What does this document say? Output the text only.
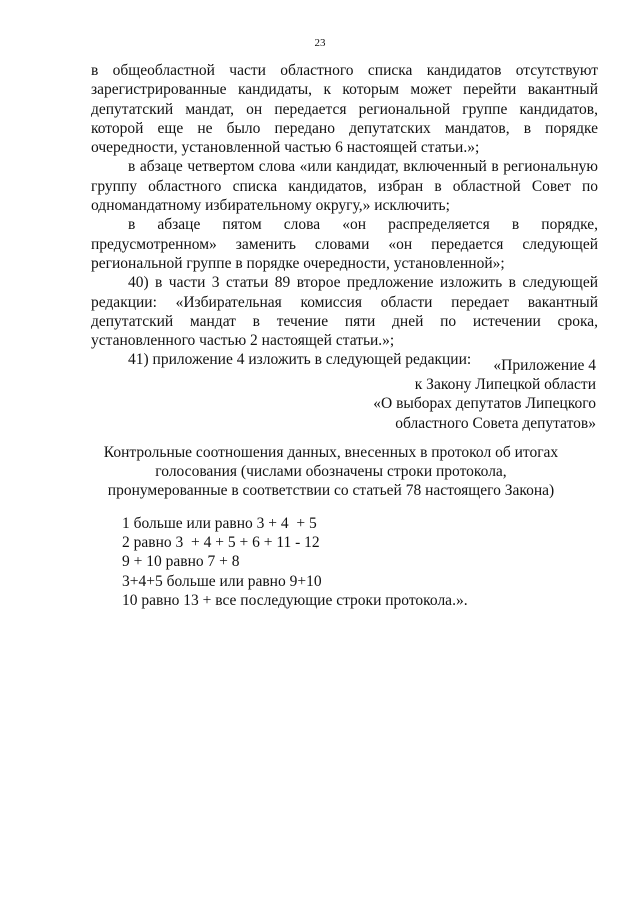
23

в общеобластной части областного списка кандидатов отсутствуют зарегистрированные кандидаты, к которым может перейти вакантный депутатский мандат, он передается региональной группе кандидатов, которой еще не было передано депутатских мандатов, в порядке очередности, установленной частью 6 настоящей статьи.»;

в абзаце четвертом слова «или кандидат, включенный в региональную группу областного списка кандидатов, избран в областной Совет по одномандатному избирательному округу,» исключить;

в абзаце пятом слова «он распределяется в порядке, предусмотренном» заменить словами «он передается следующей региональной группе в порядке очередности, установленной»;

40) в части 3 статьи 89 второе предложение изложить в следующей редакции: «Избирательная комиссия области передает вакантный депутатский мандат в течение пяти дней по истечении срока, установленного частью 2 настоящей статьи.»;

41) приложение 4 изложить в следующей редакции:	«Приложение 4
к Закону Липецкой области
«О выборах депутатов Липецкого
областного Совета депутатов»
Контрольные соотношения данных, внесенных в протокол об итогах голосования (числами обозначены строки протокола, пронумерованные в соответствии со статьей 78 настоящего Закона)
1 больше или равно 3 + 4  + 5
2 равно 3  + 4 + 5 + 6 + 11 - 12
9 + 10 равно 7 + 8
3+4+5 больше или равно 9+10
10 равно 13 + все последующие строки протокола.».
